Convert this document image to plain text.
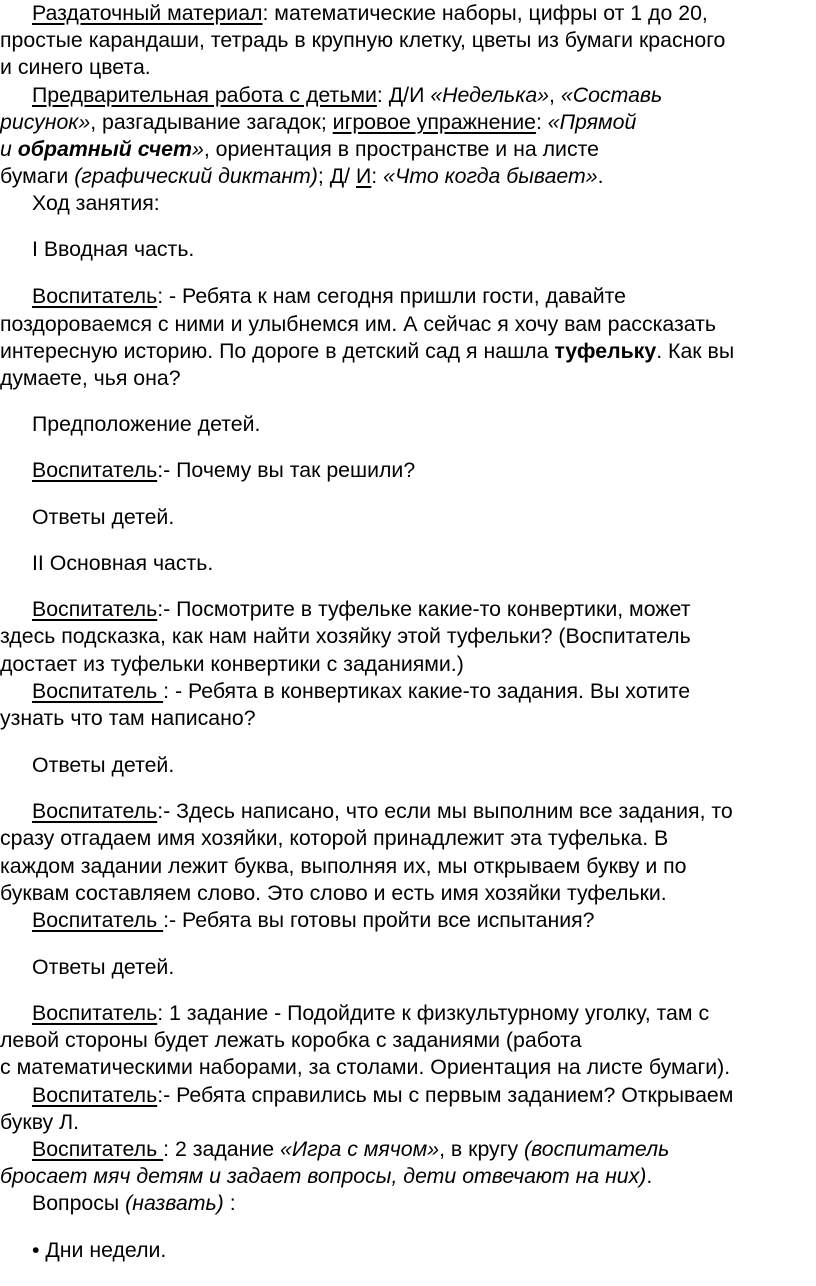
Раздаточный материал: математические наборы, цифры от 1 до 20,
простые карандаши, тетрадь в крупную клетку, цветы из бумаги красного
и синего цвета.
Предварительная работа с детьми: Д/И «Неделька», «Составь
рисунок», разгадывание загадок; игровое упражнение: «Прямой
и обратный счет», ориентация в пространстве и на листе
бумаги (графический диктант); Д/ И: «Что когда бывает».
Ход занятия:
I Вводная часть.
Воспитатель: - Ребята к нам сегодня пришли гости, давайте
поздороваемся с ними и улыбнемся им. А сейчас я хочу вам рассказать
интересную историю. По дороге в детский сад я нашла туфельку. Как вы
думаете, чья она?
Предположение детей.
Воспитатель:- Почему вы так решили?
Ответы детей.
II Основная часть.
Воспитатель:- Посмотрите в туфельке какие-то конвертики, может
здесь подсказка, как нам найти хозяйку этой туфельки? (Воспитатель
достает из туфельки конвертики с заданиями.)
Воспитатель : - Ребята в конвертиках какие-то задания. Вы хотите
узнать что там написано?
Ответы детей.
Воспитатель:- Здесь написано, что если мы выполним все задания, то
сразу отгадаем имя хозяйки, которой принадлежит эта туфелька. В
каждом задании лежит буква, выполняя их, мы открываем букву и по
буквам составляем слово. Это слово и есть имя хозяйки туфельки.
Воспитатель :- Ребята вы готовы пройти все испытания?
Ответы детей.
Воспитатель: 1 задание - Подойдите к физкультурному уголку, там с
левой стороны будет лежать коробка с заданиями (работа
с математическими наборами, за столами. Ориентация на листе бумаги).
Воспитатель:- Ребята справились мы с первым заданием? Открываем
букву Л.
Воспитатель : 2 задание «Игра с мячом», в кругу (воспитатель
бросает мяч детям и задает вопросы, дети отвечают на них).
Вопросы (назвать) :
• Дни недели.
